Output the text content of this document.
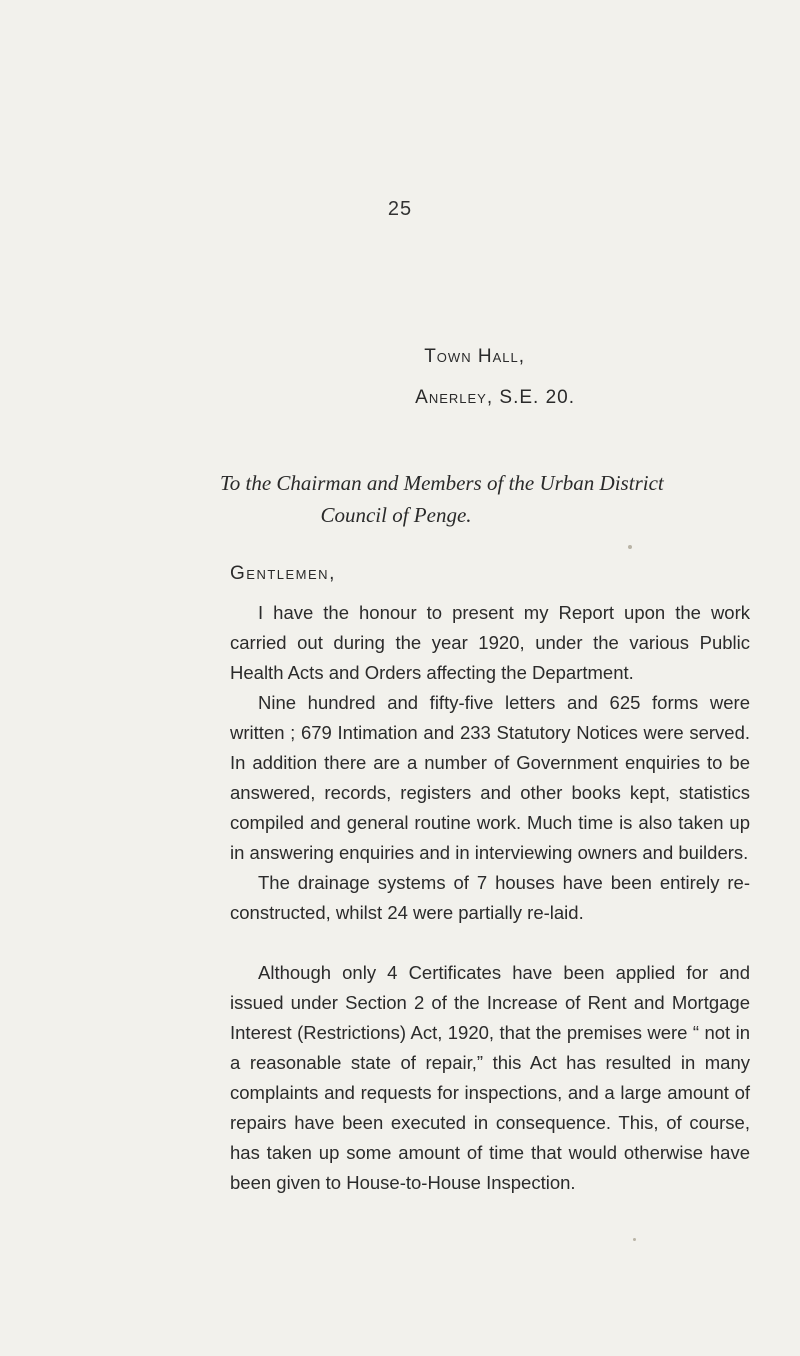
25
Town Hall,
Anerley, S.E. 20.
To the Chairman and Members of the Urban District
Council of Penge.
Gentlemen,

I have the honour to present my Report upon the work carried out during the year 1920, under the various Public Health Acts and Orders affecting the Department.

Nine hundred and fifty-five letters and 625 forms were written ; 679 Intimation and 233 Statutory Notices were served. In addition there are a number of Government enquiries to be answered, records, registers and other books kept, statistics compiled and general routine work. Much time is also taken up in answering enquiries and in interviewing owners and builders.

The drainage systems of 7 houses have been entirely re-constructed, whilst 24 were partially re-laid.

Although only 4 Certificates have been applied for and issued under Section 2 of the Increase of Rent and Mortgage Interest (Restrictions) Act, 1920, that the premises were “ not in a reasonable state of repair,” this Act has resulted in many complaints and requests for inspections, and a large amount of repairs have been executed in consequence. This, of course, has taken up some amount of time that would otherwise have been given to House-to-House Inspection.
